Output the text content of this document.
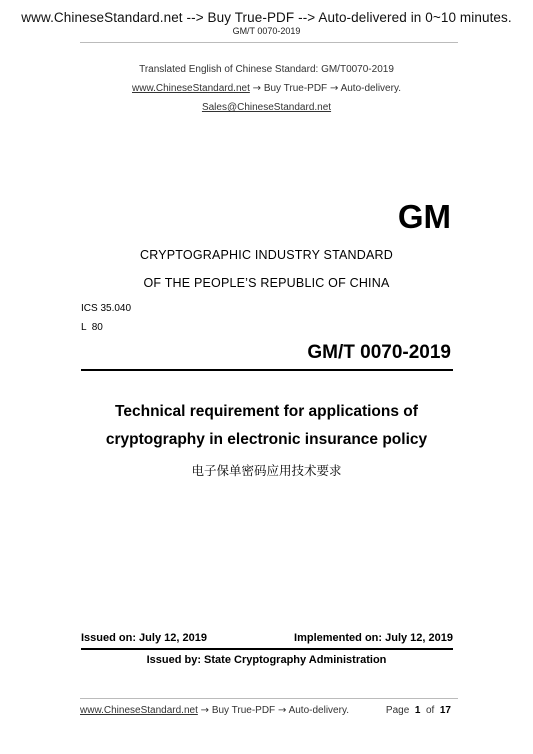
www.ChineseStandard.net --> Buy True-PDF --> Auto-delivered in 0~10 minutes.
GM/T 0070-2019
Translated English of Chinese Standard: GM/T0070-2019
www.ChineseStandard.net → Buy True-PDF → Auto-delivery.
Sales@ChineseStandard.net
GM
CRYPTOGRAPHIC INDUSTRY STANDARD
OF THE PEOPLE’S REPUBLIC OF CHINA
ICS 35.040
L  80
GM/T 0070-2019
Technical requirement for applications of
cryptography in electronic insurance policy
电子保单密码应用技术要求
Issued on: July 12, 2019	Implemented on: July 12, 2019
Issued by: State Cryptography Administration
www.ChineseStandard.net → Buy True-PDF → Auto-delivery.	Page 1 of 17
